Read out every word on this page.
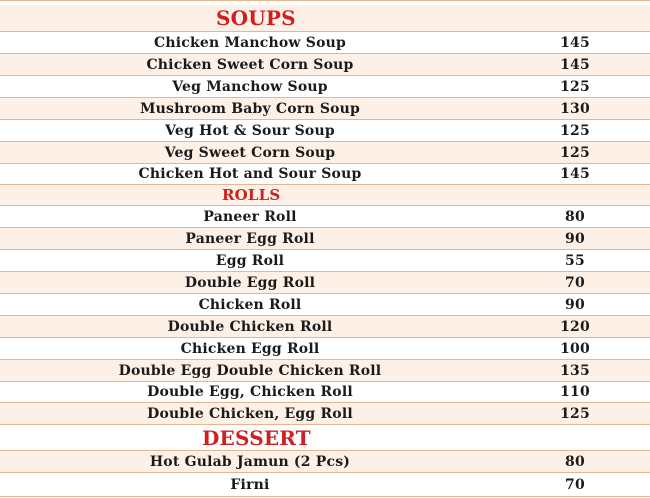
SOUPS
Chicken Manchow Soup	145
Chicken Sweet Corn Soup	145
Veg Manchow Soup	125
Mushroom Baby Corn Soup	130
Veg Hot & Sour Soup	125
Veg Sweet Corn Soup	125
Chicken Hot and Sour Soup	145
ROLLS
Paneer Roll	80
Paneer Egg Roll	90
Egg Roll	55
Double Egg Roll	70
Chicken Roll	90
Double Chicken Roll	120
Chicken Egg Roll	100
Double Egg Double Chicken Roll	135
Double Egg, Chicken Roll	110
Double Chicken, Egg Roll	125
DESSERT
Hot Gulab Jamun (2 Pcs)	80
Firni	70
